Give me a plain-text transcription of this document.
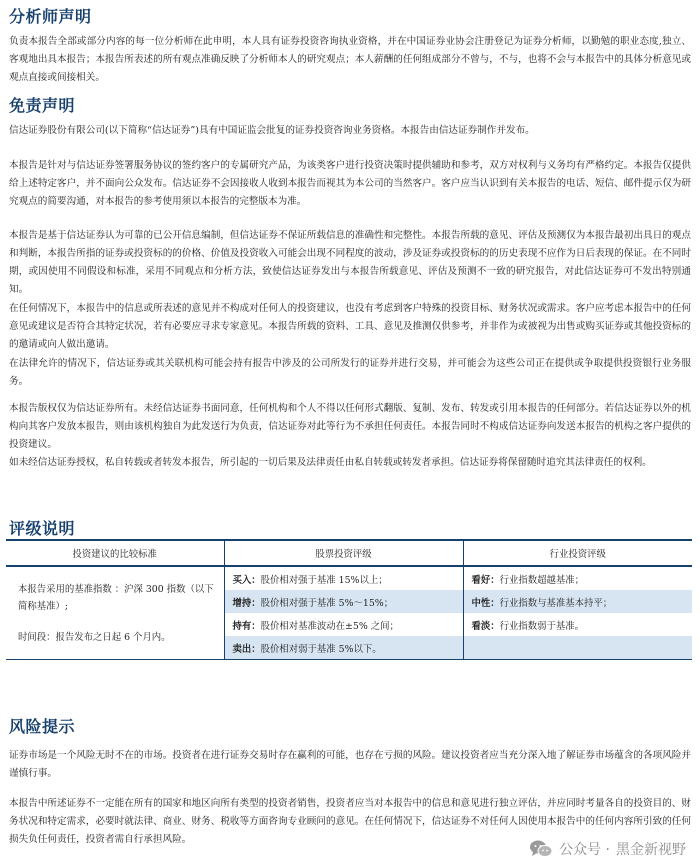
分析师声明

负责本报告全部或部分内容的每一位分析师在此申明，本人具有证券投资咨询执业资格，并在中国证券业协会注册登记为证券分析师，以勤勉的职业态度,独立、客观地出具本报告；本报告所表述的所有观点准确反映了分析师本人的研究观点；本人薪酬的任何组成部分不曾与，不与，也将不会与本报告中的具体分析意见或观点直接或间接相关。

免责声明

信达证券股份有限公司(以下简称“信达证券”)具有中国证监会批复的证券投资咨询业务资格。本报告由信达证券制作并发布。

本报告是针对与信达证券签署服务协议的签约客户的专属研究产品，为该类客户进行投资决策时提供辅助和参考，双方对权利与义务均有严格约定。本报告仅提供给上述特定客户，并不面向公众发布。信达证券不会因接收人收到本报告而视其为本公司的当然客户。客户应当认识到有关本报告的电话、短信、邮件提示仅为研究观点的简要沟通，对本报告的参考使用须以本报告的完整版本为准。

本报告是基于信达证券认为可靠的已公开信息编制，但信达证券不保证所载信息的准确性和完整性。本报告所载的意见、评估及预测仅为本报告最初出具日的观点和判断，本报告所指的证券或投资标的的价格、价值及投资收入可能会出现不同程度的波动，涉及证券或投资标的的历史表现不应作为日后表现的保证。在不同时期，或因使用不同假设和标准，采用不同观点和分析方法，致使信达证券发出与本报告所载意见、评估及预测不一致的研究报告，对此信达证券可不发出特别通知。

在任何情况下，本报告中的信息或所表述的意见并不构成对任何人的投资建议，也没有考虑到客户特殊的投资目标、财务状况或需求。客户应考虑本报告中的任何意见或建议是否符合其特定状况，若有必要应寻求专家意见。本报告所载的资料、工具、意见及推测仅供参考，并非作为或被视为出售或购买证券或其他投资标的的邀请或向人做出邀请。

在法律允许的情况下，信达证券或其关联机构可能会持有报告中涉及的公司所发行的证券并进行交易，并可能会为这些公司正在提供或争取提供投资银行业务服务。

本报告版权仅为信达证券所有。未经信达证券书面同意，任何机构和个人不得以任何形式翻版、复制、发布、转发或引用本报告的任何部分。若信达证券以外的机构向其客户发放本报告，则由该机构独自为此发送行为负责，信达证券对此等行为不承担任何责任。本报告同时不构成信达证券向发送本报告的机构之客户提供的投资建议。

如未经信达证券授权，私自转载或者转发本报告，所引起的一切后果及法律责任由私自转载或转发者承担。信达证券将保留随时追究其法律责任的权利。

评级说明
投资建议的比较标准	股票投资评级	行业投资评级

本报告采用的基准指数 ：沪深 300 指数（以下简称基准）;
时间段：报告发布之日起 6 个月内。	买入：股价相对强于基准 15%以上；	看好：行业指数超越基准；
	增持：股价相对强于基准 5%～15%；	中性：行业指数与基准基本持平；
	持有：股价相对基准波动在±5% 之间；	看淡：行业指数弱于基准。
	卖出：股价相对弱于基准 5%以下。	
风险提示

证券市场是一个风险无时不在的市场。投资者在进行证券交易时存在赢利的可能，也存在亏损的风险。建议投资者应当充分深入地了解证券市场蕴含的各项风险并谨慎行事。

本报告中所述证券不一定能在所有的国家和地区向所有类型的投资者销售，投资者应当对本报告中的信息和意见进行独立评估，并应同时考量各自的投资目的、财务状况和特定需求，必要时就法律、商业、财务、税收等方面咨询专业顾问的意见。在任何情况下，信达证券不对任何人因使用本报告中的任何内容所引致的任何损失负任何责任，投资者需自行承担风险。

公众号 · 黑金新视野
